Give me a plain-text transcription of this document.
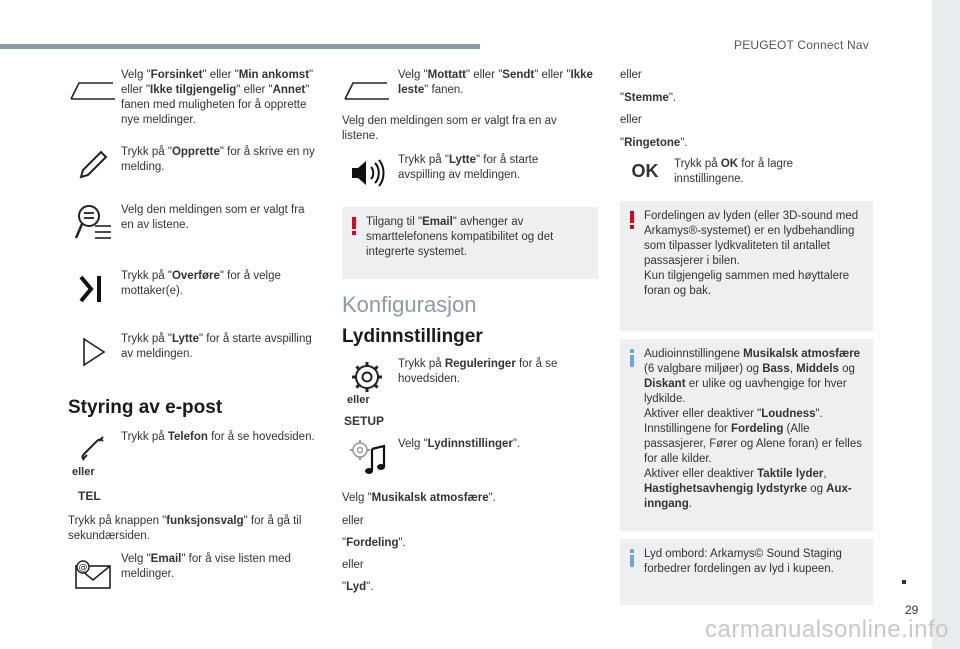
PEUGEOT Connect Nav
29
carmanualsonline.info
Velg "Forsinket" eller "Min ankomst" eller "Ikke tilgjengelig" eller "Annet" fanen med muligheten for å opprette nye meldinger.
Trykk på "Opprette" for å skrive en ny melding.
Velg den meldingen som er valgt fra en av listene.
Trykk på "Overføre" for å velge mottaker(e).
Trykk på "Lytte" for å starte avspilling av meldingen.
Styring av e-post
Trykk på Telefon for å se hovedsiden.
eller
TEL
Trykk på knappen "funksjonsvalg" for å gå til sekundærsiden.
@
Velg "Email" for å vise listen med meldinger.
Velg "Mottatt" eller "Sendt" eller "Ikke leste" fanen.
Velg den meldingen som er valgt fra en av listene.
Trykk på "Lytte" for å starte avspilling av meldingen.
Tilgang til "Email" avhenger av smarttelefonens kompatibilitet og det integrerte systemet.
Konfigurasjon
Lydinnstillinger
Trykk på Reguleringer for å se hovedsiden.
eller
SETUP
Velg "Lydinnstillinger".
Velg "Musikalsk atmosfære".
eller
"Fordeling".
eller
"Lyd".
eller
"Stemme".
eller
"Ringetone".
OK	Trykk på OK for å lagre innstillingene.
Fordelingen av lyden (eller 3D-sound med Arkamys®-systemet) er en lydbehandling som tilpasser lydkvaliteten til antallet passasjerer i bilen.
Kun tilgjengelig sammen med høyttalere foran og bak.
Audioinnstillingene Musikalsk atmosfære (6 valgbare miljøer) og Bass, Middels og Diskant er ulike og uavhengige for hver lydkilde.
Aktiver eller deaktiver "Loudness".
Innstillingene for Fordeling (Alle passasjerer, Fører og Alene foran) er felles for alle kilder.
Aktiver eller deaktiver Taktile lyder, Hastighetsavhengig lydstyrke og Aux-inngang.
Lyd ombord: Arkamys© Sound Staging forbedrer fordelingen av lyd i kupeen.
